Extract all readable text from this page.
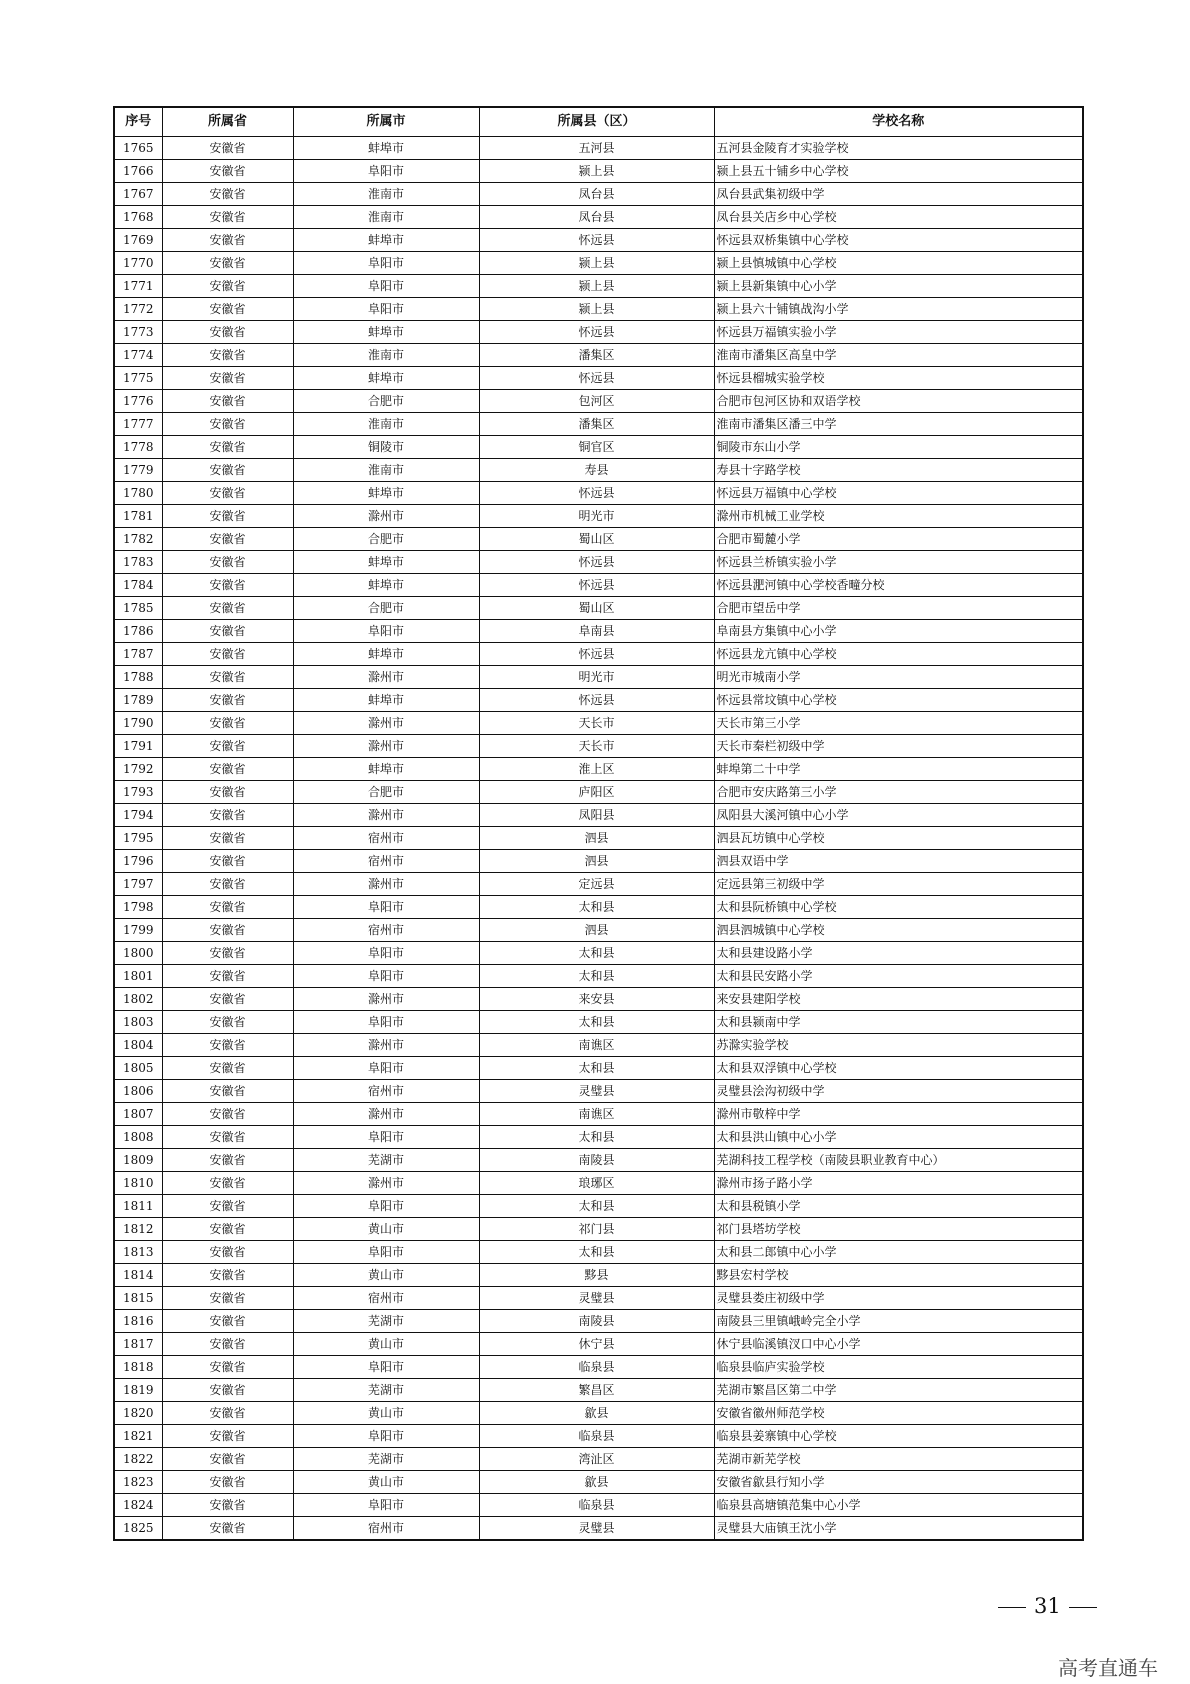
序号	所属省	所属市	所属县（区）	学校名称
1765	安徽省	蚌埠市	五河县	五河县金陵育才实验学校
1766	安徽省	阜阳市	颍上县	颍上县五十铺乡中心学校
1767	安徽省	淮南市	凤台县	凤台县武集初级中学
1768	安徽省	淮南市	凤台县	凤台县关店乡中心学校
1769	安徽省	蚌埠市	怀远县	怀远县双桥集镇中心学校
1770	安徽省	阜阳市	颍上县	颍上县慎城镇中心学校
1771	安徽省	阜阳市	颍上县	颍上县新集镇中心小学
1772	安徽省	阜阳市	颍上县	颍上县六十铺镇战沟小学
1773	安徽省	蚌埠市	怀远县	怀远县万福镇实验小学
1774	安徽省	淮南市	潘集区	淮南市潘集区高皇中学
1775	安徽省	蚌埠市	怀远县	怀远县榴城实验学校
1776	安徽省	合肥市	包河区	合肥市包河区协和双语学校
1777	安徽省	淮南市	潘集区	淮南市潘集区潘三中学
1778	安徽省	铜陵市	铜官区	铜陵市东山小学
1779	安徽省	淮南市	寿县	寿县十字路学校
1780	安徽省	蚌埠市	怀远县	怀远县万福镇中心学校
1781	安徽省	滁州市	明光市	滁州市机械工业学校
1782	安徽省	合肥市	蜀山区	合肥市蜀麓小学
1783	安徽省	蚌埠市	怀远县	怀远县兰桥镇实验小学
1784	安徽省	蚌埠市	怀远县	怀远县淝河镇中心学校香疃分校
1785	安徽省	合肥市	蜀山区	合肥市望岳中学
1786	安徽省	阜阳市	阜南县	阜南县方集镇中心小学
1787	安徽省	蚌埠市	怀远县	怀远县龙亢镇中心学校
1788	安徽省	滁州市	明光市	明光市城南小学
1789	安徽省	蚌埠市	怀远县	怀远县常坟镇中心学校
1790	安徽省	滁州市	天长市	天长市第三小学
1791	安徽省	滁州市	天长市	天长市秦栏初级中学
1792	安徽省	蚌埠市	淮上区	蚌埠第二十中学
1793	安徽省	合肥市	庐阳区	合肥市安庆路第三小学
1794	安徽省	滁州市	凤阳县	凤阳县大溪河镇中心小学
1795	安徽省	宿州市	泗县	泗县瓦坊镇中心学校
1796	安徽省	宿州市	泗县	泗县双语中学
1797	安徽省	滁州市	定远县	定远县第三初级中学
1798	安徽省	阜阳市	太和县	太和县阮桥镇中心学校
1799	安徽省	宿州市	泗县	泗县泗城镇中心学校
1800	安徽省	阜阳市	太和县	太和县建设路小学
1801	安徽省	阜阳市	太和县	太和县民安路小学
1802	安徽省	滁州市	来安县	来安县建阳学校
1803	安徽省	阜阳市	太和县	太和县颍南中学
1804	安徽省	滁州市	南谯区	苏滁实验学校
1805	安徽省	阜阳市	太和县	太和县双浮镇中心学校
1806	安徽省	宿州市	灵璧县	灵璧县浍沟初级中学
1807	安徽省	滁州市	南谯区	滁州市敬梓中学
1808	安徽省	阜阳市	太和县	太和县洪山镇中心小学
1809	安徽省	芜湖市	南陵县	芜湖科技工程学校（南陵县职业教育中心）
1810	安徽省	滁州市	琅琊区	滁州市扬子路小学
1811	安徽省	阜阳市	太和县	太和县税镇小学
1812	安徽省	黄山市	祁门县	祁门县塔坊学校
1813	安徽省	阜阳市	太和县	太和县二郎镇中心小学
1814	安徽省	黄山市	黟县	黟县宏村学校
1815	安徽省	宿州市	灵璧县	灵璧县娄庄初级中学
1816	安徽省	芜湖市	南陵县	南陵县三里镇峨岭完全小学
1817	安徽省	黄山市	休宁县	休宁县临溪镇汊口中心小学
1818	安徽省	阜阳市	临泉县	临泉县临庐实验学校
1819	安徽省	芜湖市	繁昌区	芜湖市繁昌区第二中学
1820	安徽省	黄山市	歙县	安徽省徽州师范学校
1821	安徽省	阜阳市	临泉县	临泉县姜寨镇中心学校
1822	安徽省	芜湖市	湾沚区	芜湖市新芜学校
1823	安徽省	黄山市	歙县	安徽省歙县行知小学
1824	安徽省	阜阳市	临泉县	临泉县高塘镇范集中心小学
1825	安徽省	宿州市	灵璧县	灵璧县大庙镇王沈小学
31
高考直通车
